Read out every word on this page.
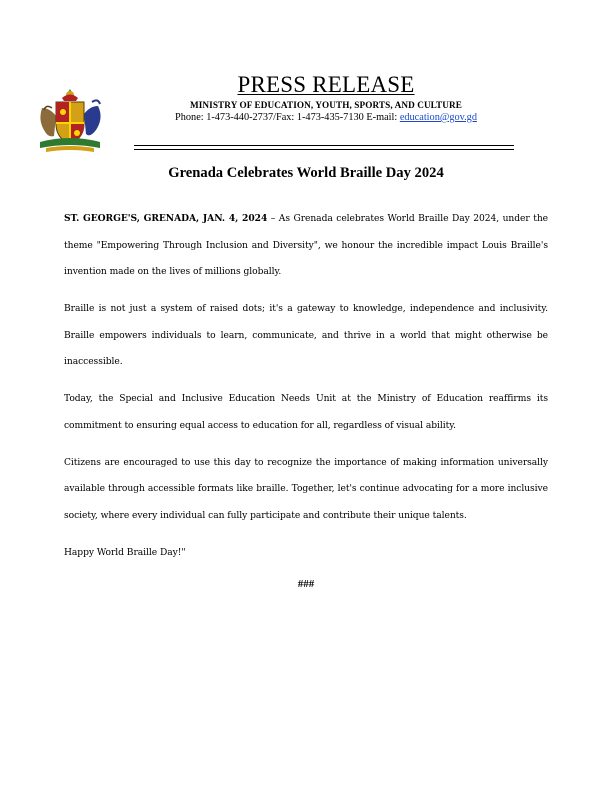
PRESS RELEASE
MINISTRY OF EDUCATION, YOUTH, SPORTS, AND CULTURE
Phone: 1-473-440-2737/Fax: 1-473-435-7130 E-mail: education@gov.gd
Grenada Celebrates World Braille Day 2024

ST. GEORGE'S, GRENADA, JAN. 4, 2024 – As Grenada celebrates World Braille Day 2024, under the theme "Empowering Through Inclusion and Diversity", we honour the incredible impact Louis Braille's invention made on the lives of millions globally.

Braille is not just a system of raised dots; it's a gateway to knowledge, independence and inclusivity. Braille empowers individuals to learn, communicate, and thrive in a world that might otherwise be inaccessible.

Today, the Special and Inclusive Education Needs Unit at the Ministry of Education reaffirms its commitment to ensuring equal access to education for all, regardless of visual ability.

Citizens are encouraged to use this day to recognize the importance of making information universally available through accessible formats like braille. Together, let's continue advocating for a more inclusive society, where every individual can fully participate and contribute their unique talents.

Happy World Braille Day!"

###
